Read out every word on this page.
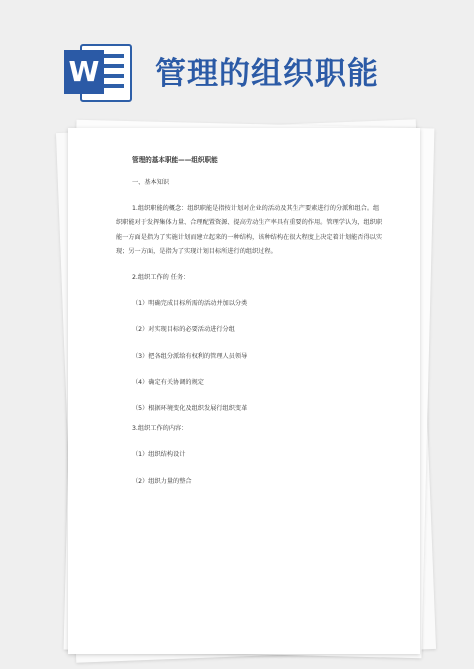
W 管理的组织职能
管理的基本职能——组织职能

一、基本知识

1.组织职能的概念：组织职能是指按计划对企业的活动及其生产要素进行的分派和组合。组织职能对于发挥集体力量、合理配置资源、提高劳动生产率具有重要的作用。管理学认为，组织职能一方面是指为了实施计划而建立起来的一种结构，该种结构在很大程度上决定着计划能否得以实现；另一方面，是指为了实现计划目标所进行的组织过程。

2.组织工作的 任务：

（1）明确完成目标所需的活动并加以分类

（2）对实现目标的必要活动进行分组

（3）把各组分派给有权利的管理人员领导

（4）确定有关协调的规定

（5）根据环境变化及组织发展行组织变革

3.组织工作的内容：

（1）组织结构设计

（2）组织力量的整合
